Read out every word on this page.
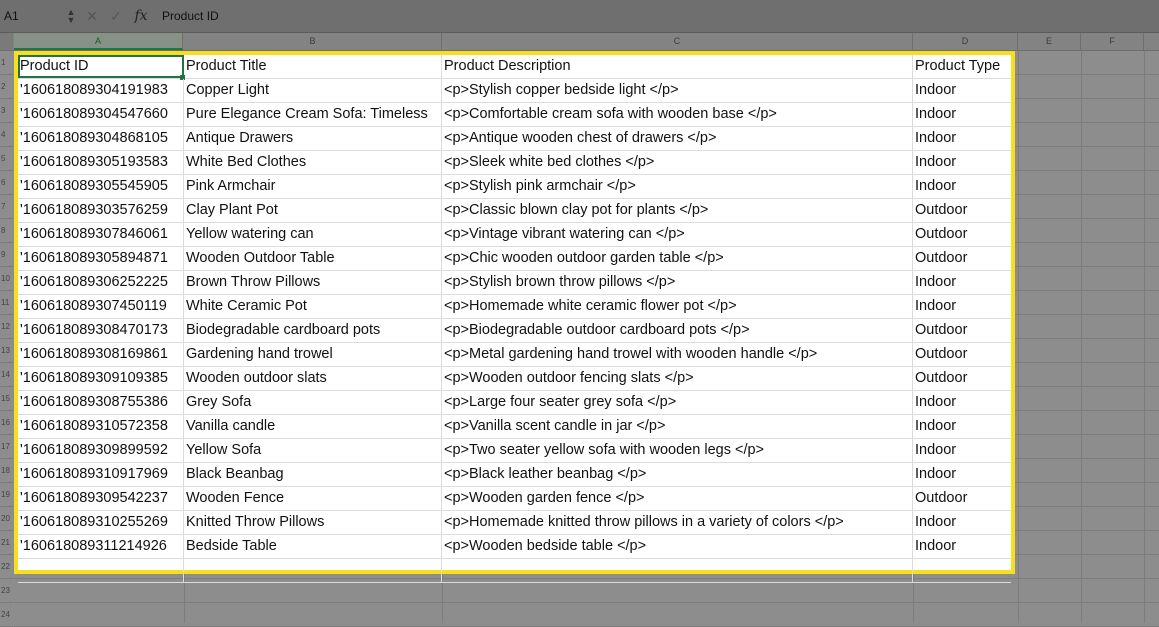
A1	▲
▼ ✕ ✓ fx	Product ID
A	B	C	D	E	F
1
2
3
4
5
6
7
8
9
10
11
12
13
14
15
16
17
18
19
20
21
22
23
24
Product ID	Product Title	Product Description	Product Type
'160618089304191983	Copper Light	<p>Stylish copper bedside light </p>	Indoor
'160618089304547660	Pure Elegance Cream Sofa: Timeless	<p>Comfortable cream sofa with wooden base </p>	Indoor
'160618089304868105	Antique Drawers	<p>Antique wooden chest of drawers </p>	Indoor
'160618089305193583	White Bed Clothes	<p>Sleek white bed clothes </p>	Indoor
'160618089305545905	Pink Armchair	<p>Stylish pink armchair </p>	Indoor
'160618089303576259	Clay Plant Pot	<p>Classic blown clay pot for plants </p>	Outdoor
'160618089307846061	Yellow watering can	<p>Vintage vibrant watering can </p>	Outdoor
'160618089305894871	Wooden Outdoor Table	<p>Chic wooden outdoor garden table </p>	Outdoor
'160618089306252225	Brown Throw Pillows	<p>Stylish brown throw pillows </p>	Indoor
'160618089307450119	White Ceramic Pot	<p>Homemade white ceramic flower pot </p>	Indoor
'160618089308470173	Biodegradable cardboard pots	<p>Biodegradable outdoor cardboard pots </p>	Outdoor
'160618089308169861	Gardening hand trowel	<p>Metal gardening hand trowel with wooden handle </p>	Outdoor
'160618089309109385	Wooden outdoor slats	<p>Wooden outdoor fencing slats </p>	Outdoor
'160618089308755386	Grey Sofa	<p>Large four seater grey sofa </p>	Indoor
'160618089310572358	Vanilla candle	<p>Vanilla scent candle in jar </p>	Indoor
'160618089309899592	Yellow Sofa	<p>Two seater yellow sofa with wooden legs </p>	Indoor
'160618089310917969	Black Beanbag	<p>Black leather beanbag </p>	Indoor
'160618089309542237	Wooden Fence	<p>Wooden garden fence </p>	Outdoor
'160618089310255269	Knitted Throw Pillows	<p>Homemade knitted throw pillows in a variety of colors </p>	Indoor
'160618089311214926	Bedside Table	<p>Wooden bedside table </p>	Indoor
